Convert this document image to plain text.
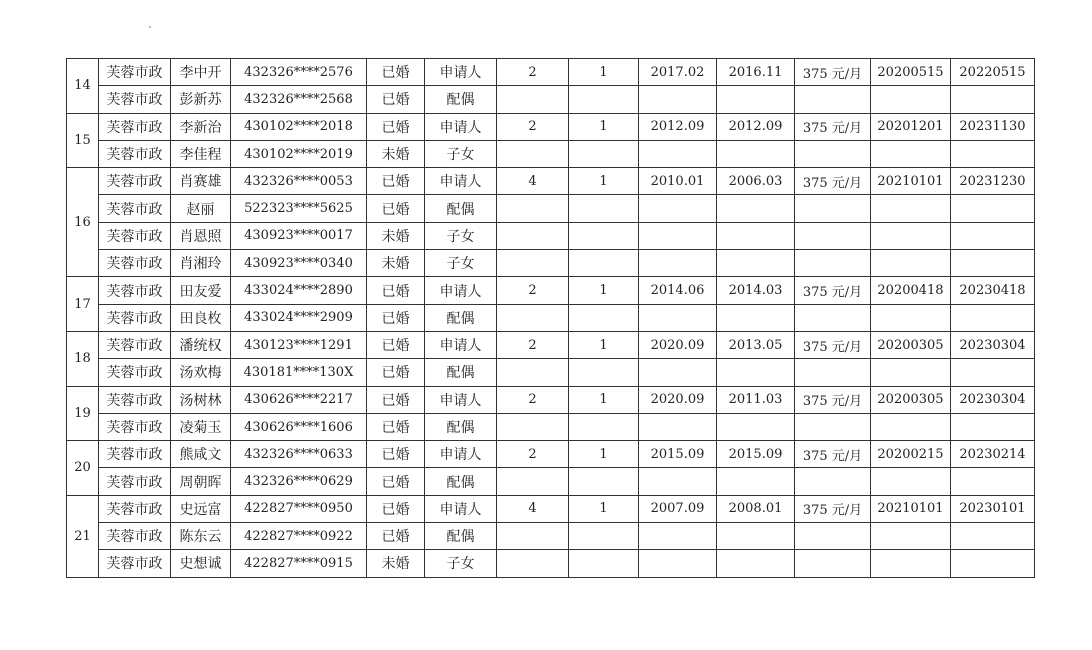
14	芙蓉市政	李中开	432326****2576	已婚	申请人	2	1	2017.02	2016.11	375 元/月	20200515	20220515
	芙蓉市政	彭新苏	432326****2568	已婚	配偶							
15	芙蓉市政	李新治	430102****2018	已婚	申请人	2	1	2012.09	2012.09	375 元/月	20201201	20231130
	芙蓉市政	李佳程	430102****2019	未婚	子女							
16	芙蓉市政	肖赛雄	432326****0053	已婚	申请人	4	1	2010.01	2006.03	375 元/月	20210101	20231230
	芙蓉市政	赵丽	522323****5625	已婚	配偶							
	芙蓉市政	肖恩照	430923****0017	未婚	子女							
	芙蓉市政	肖湘玲	430923****0340	未婚	子女							
17	芙蓉市政	田友爱	433024****2890	已婚	申请人	2	1	2014.06	2014.03	375 元/月	20200418	20230418
	芙蓉市政	田良枚	433024****2909	已婚	配偶							
18	芙蓉市政	潘统权	430123****1291	已婚	申请人	2	1	2020.09	2013.05	375 元/月	20200305	20230304
	芙蓉市政	汤欢梅	430181****130X	已婚	配偶							
19	芙蓉市政	汤树林	430626****2217	已婚	申请人	2	1	2020.09	2011.03	375 元/月	20200305	20230304
	芙蓉市政	凌菊玉	430626****1606	已婚	配偶							
20	芙蓉市政	熊咸文	432326****0633	已婚	申请人	2	1	2015.09	2015.09	375 元/月	20200215	20230214
	芙蓉市政	周朝晖	432326****0629	已婚	配偶							
21	芙蓉市政	史远富	422827****0950	已婚	申请人	4	1	2007.09	2008.01	375 元/月	20210101	20230101
	芙蓉市政	陈东云	422827****0922	已婚	配偶							
	芙蓉市政	史想诚	422827****0915	未婚	子女							
